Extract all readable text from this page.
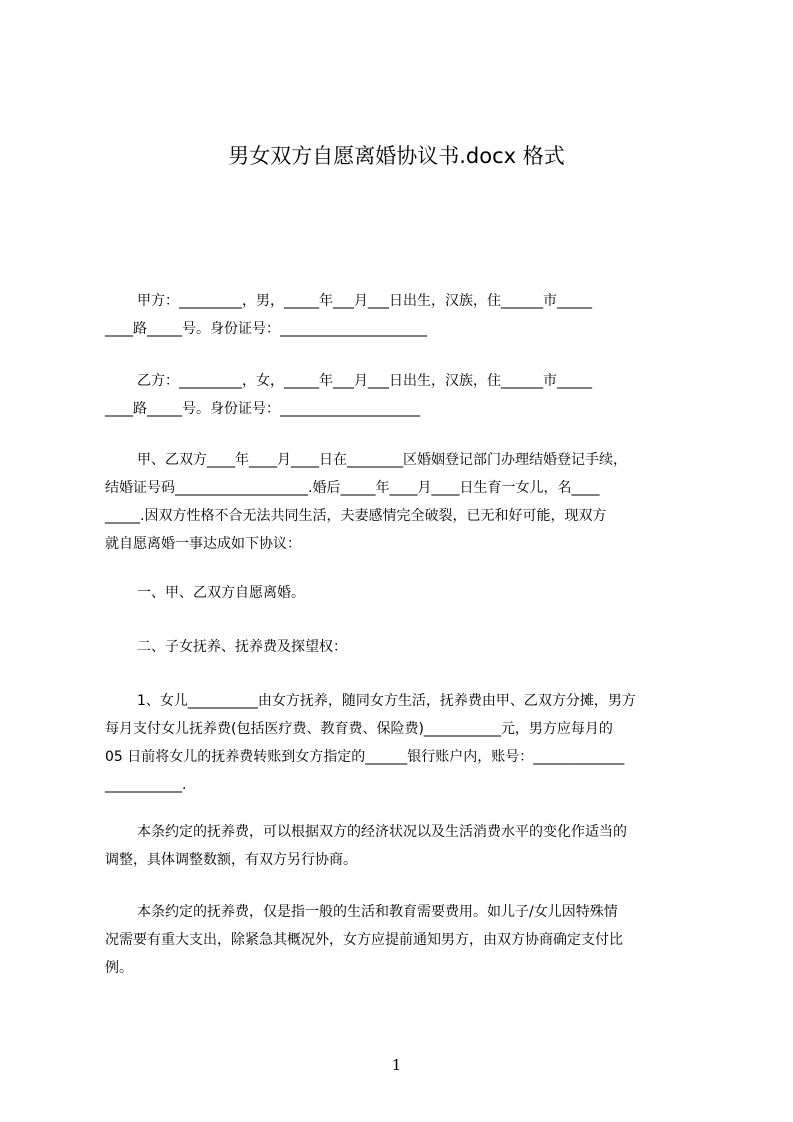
男女双方自愿离婚协议书.docx 格式
甲方：_________，男，_____年___月___日出生，汉族，住______市_____
____路_____号。身份证号：_____________________
乙方：_________，女，_____年___月___日出生，汉族，住______市_____
____路_____号。身份证号：____________________
甲、乙双方____年____月____日在________区婚姻登记部门办理结婚登记手续，
结婚证号码___________________.婚后_____年____月____日生育一女儿，名____
_____.因双方性格不合无法共同生活，夫妻感情完全破裂，已无和好可能，现双方
就自愿离婚一事达成如下协议：
一、甲、乙双方自愿离婚。
二、子女抚养、抚养费及探望权：
1、女儿__________由女方抚养，随同女方生活，抚养费由甲、乙双方分摊，男方
每月支付女儿抚养费(包括医疗费、教育费、保险费)___________元，男方应每月的
05 日前将女儿的抚养费转账到女方指定的______银行账户内，账号：_____________
___________.
本条约定的抚养费，可以根据双方的经济状况以及生活消费水平的变化作适当的
调整，具体调整数额，有双方另行协商。
本条约定的抚养费，仅是指一般的生活和教育需要费用。如儿子/女儿因特殊情
况需要有重大支出，除紧急其概况外，女方应提前通知男方，由双方协商确定支付比
例。
1
